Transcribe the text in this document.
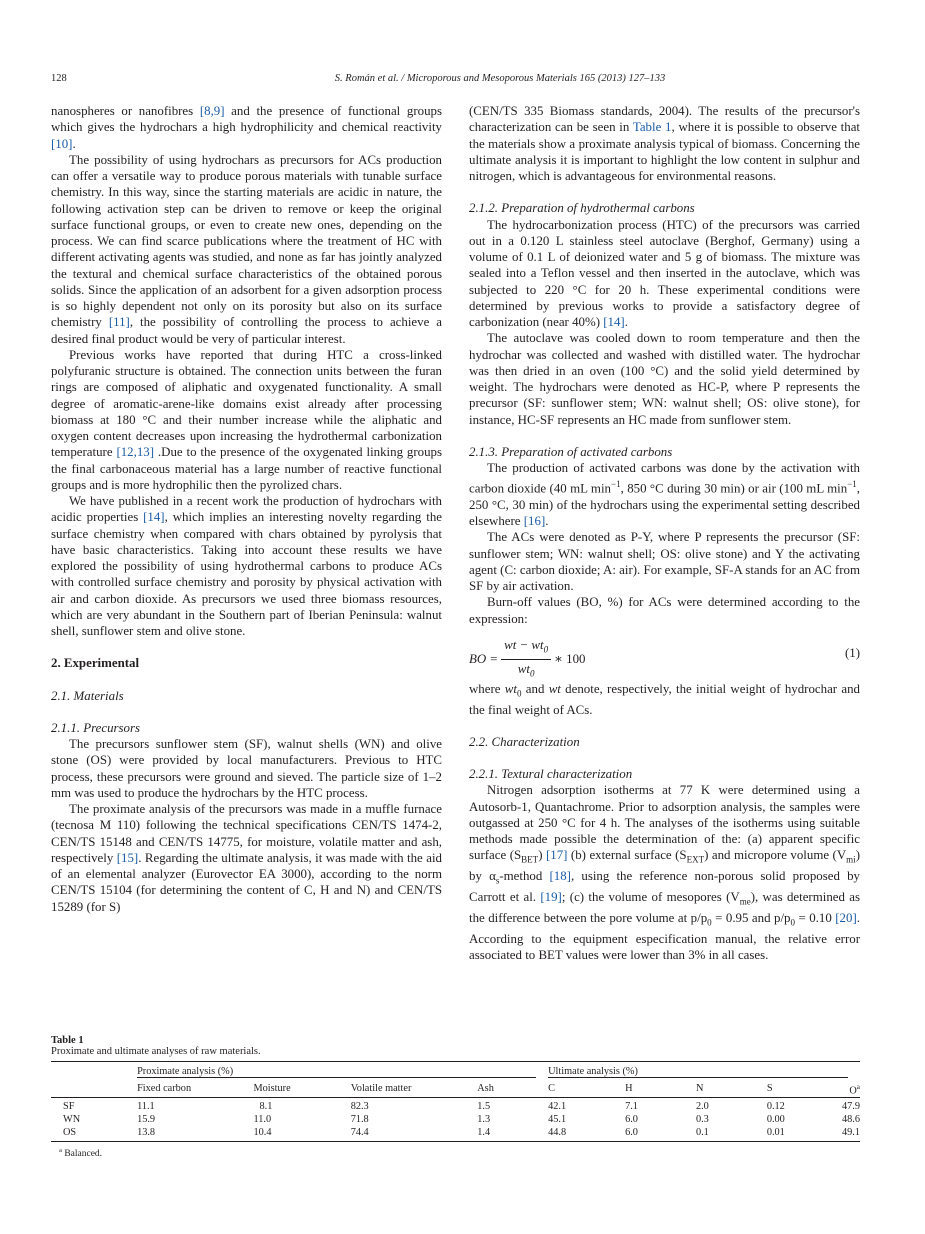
128	S. Román et al. / Microporous and Mesoporous Materials 165 (2013) 127–133

nanospheres or nanofibres [8,9] and the presence of functional groups which gives the hydrochars a high hydrophilicity and chemical reactivity [10].

The possibility of using hydrochars as precursors for ACs production can offer a versatile way to produce porous materials with tunable surface chemistry. In this way, since the starting materials are acidic in nature, the following activation step can be driven to remove or keep the original surface functional groups, or even to create new ones, depending on the process. We can find scarce publications where the treatment of HC with different activating agents was studied, and none as far has jointly analyzed the textural and chemical surface characteristics of the obtained porous solids. Since the application of an adsorbent for a given adsorption process is so highly dependent not only on its porosity but also on its surface chemistry [11], the possibility of controlling the process to achieve a desired final product would be very of particular interest.

Previous works have reported that during HTC a cross-linked polyfuranic structure is obtained. The connection units between the furan rings are composed of aliphatic and oxygenated functionality. A small degree of aromatic-arene-like domains exist already after processing biomass at 180 °C and their number increase while the aliphatic and oxygen content decreases upon increasing the hydrothermal carbonization temperature [12,13] .Due to the presence of the oxygenated linking groups the final carbonaceous material has a large number of reactive functional groups and is more hydrophilic then the pyrolized chars.

We have published in a recent work the production of hydrochars with acidic properties [14], which implies an interesting novelty regarding the surface chemistry when compared with chars obtained by pyrolysis that have basic characteristics. Taking into account these results we have explored the possibility of using hydrothermal carbons to produce ACs with controlled surface chemistry and porosity by physical activation with air and carbon dioxide. As precursors we used three biomass resources, which are very abundant in the Southern part of Iberian Peninsula: walnut shell, sunflower stem and olive stone.

2. Experimental
2.1. Materials
2.1.1. Precursors

The precursors sunflower stem (SF), walnut shells (WN) and olive stone (OS) were provided by local manufacturers. Previous to HTC process, these precursors were ground and sieved. The particle size of 1–2 mm was used to produce the hydrochars by the HTC process.

The proximate analysis of the precursors was made in a muffle furnace (tecnosa M 110) following the technical specifications CEN/TS 1474-2, CEN/TS 15148 and CEN/TS 14775, for moisture, volatile matter and ash, respectively [15]. Regarding the ultimate analysis, it was made with the aid of an elemental analyzer (Eurovector EA 3000), according to the norm CEN/TS 15104 (for determining the content of C, H and N) and CEN/TS 15289 (for S)

(CEN/TS 335 Biomass standards, 2004). The results of the precursor's characterization can be seen in Table 1, where it is possible to observe that the materials show a proximate analysis typical of biomass. Concerning the ultimate analysis it is important to highlight the low content in sulphur and nitrogen, which is advantageous for environmental reasons.

2.1.2. Preparation of hydrothermal carbons

The hydrocarbonization process (HTC) of the precursors was carried out in a 0.120 L stainless steel autoclave (Berghof, Germany) using a volume of 0.1 L of deionized water and 5 g of biomass. The mixture was sealed into a Teflon vessel and then inserted in the autoclave, which was subjected to 220 °C for 20 h. These experimental conditions were determined by previous works to provide a satisfactory degree of carbonization (near 40%) [14].

The autoclave was cooled down to room temperature and then the hydrochar was collected and washed with distilled water. The hydrochar was then dried in an oven (100 °C) and the solid yield determined by weight. The hydrochars were denoted as HC-P, where P represents the precursor (SF: sunflower stem; WN: walnut shell; OS: olive stone), for instance, HC-SF represents an HC made from sunflower stem.

2.1.3. Preparation of activated carbons

The production of activated carbons was done by the activation with carbon dioxide (40 mL $\min^{-1}$, 850 °C during 30 min) or air (100 mL $\min^{-1}$, 250 °C, 30 min) of the hydrochars using the experimental setting described elsewhere [16].

The ACs were denoted as P-Y, where P represents the precursor (SF: sunflower stem; WN: walnut shell; OS: olive stone) and Y the activating agent (C: carbon dioxide; A: air). For example, SF-A stands for an AC from SF by air activation.

Burn-off values (BO, %) for ACs were determined according to the expression:

BO = $\frac{wt - wt_0}{wt_0}$ ∗ 100	(1)

where $wt_0$ and wt denote, respectively, the initial weight of hydrochar and the final weight of ACs.

2.2. Characterization
2.2.1. Textural characterization

Nitrogen adsorption isotherms at 77 K were determined using a Autosorb-1, Quantachrome. Prior to adsorption analysis, the samples were outgassed at 250 °C for 4 h. The analyses of the isotherms using suitable methods made possible the determination of the: (a) apparent specific surface $(S_{BET})$ [17] (b) external surface $(S_{EXT})$ and micropore volume $(V_{mi})$ by $\alpha_s$-method [18], using the reference non-porous solid proposed by Carrott et al. [19]; (c) the volume of mesopores $(V_{me})$, was determined as the difference between the pore volume at $p/p_0 = 0.95$ and $p/p_0 = 0.10$ [20]. According to the equipment especification manual, the relative error associated to BET values were lower than 3% in all cases.

Table 1
Proximate and ultimate analyses of raw materials.

	Proximate analysis (%)				Ultimate analysis (%)				

	Fixed carbon	Moisture	Volatile matter	Ash	C	H	N	S	$O^a$
SF	11.1	8.1	82.3	1.5	42.1	7.1	2.0	0.12	47.9
WN	15.9	11.0	71.8	1.3	45.1	6.0	0.3	0.00	48.6
OS	13.8	10.4	74.4	1.4	44.8	6.0	0.1	0.01	49.1
$^a$ Balanced.
